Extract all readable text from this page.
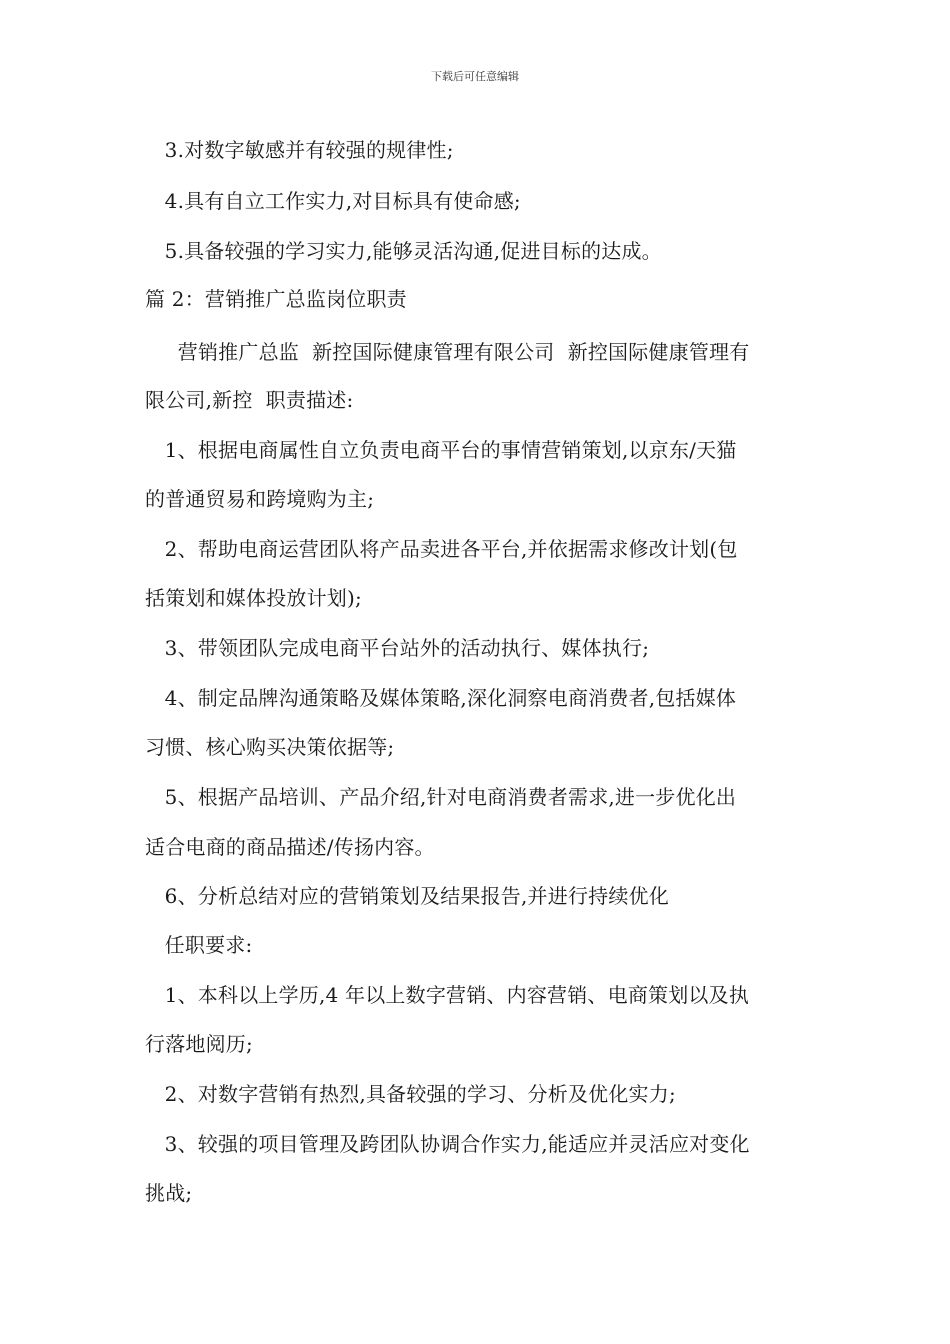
下载后可任意编辑
3.对数字敏感并有较强的规律性;
4.具有自立工作实力,对目标具有使命感;
5.具备较强的学习实力,能够灵活沟通,促进目标的达成。
篇 2：营销推广总监岗位职责
营销推广总监  新控国际健康管理有限公司  新控国际健康管理有
限公司,新控  职责描述:
1、根据电商属性自立负责电商平台的事情营销策划,以京东/天猫
的普通贸易和跨境购为主;
2、帮助电商运营团队将产品卖进各平台,并依据需求修改计划(包
括策划和媒体投放计划);
3、带领团队完成电商平台站外的活动执行、媒体执行;
4、制定品牌沟通策略及媒体策略,深化洞察电商消费者,包括媒体
习惯、核心购买决策依据等;
5、根据产品培训、产品介绍,针对电商消费者需求,进一步优化出
适合电商的商品描述/传扬内容。
6、分析总结对应的营销策划及结果报告,并进行持续优化
任职要求:
1、本科以上学历,4 年以上数字营销、内容营销、电商策划以及执
行落地阅历;
2、对数字营销有热烈,具备较强的学习、分析及优化实力;
3、较强的项目管理及跨团队协调合作实力,能适应并灵活应对变化
挑战;
